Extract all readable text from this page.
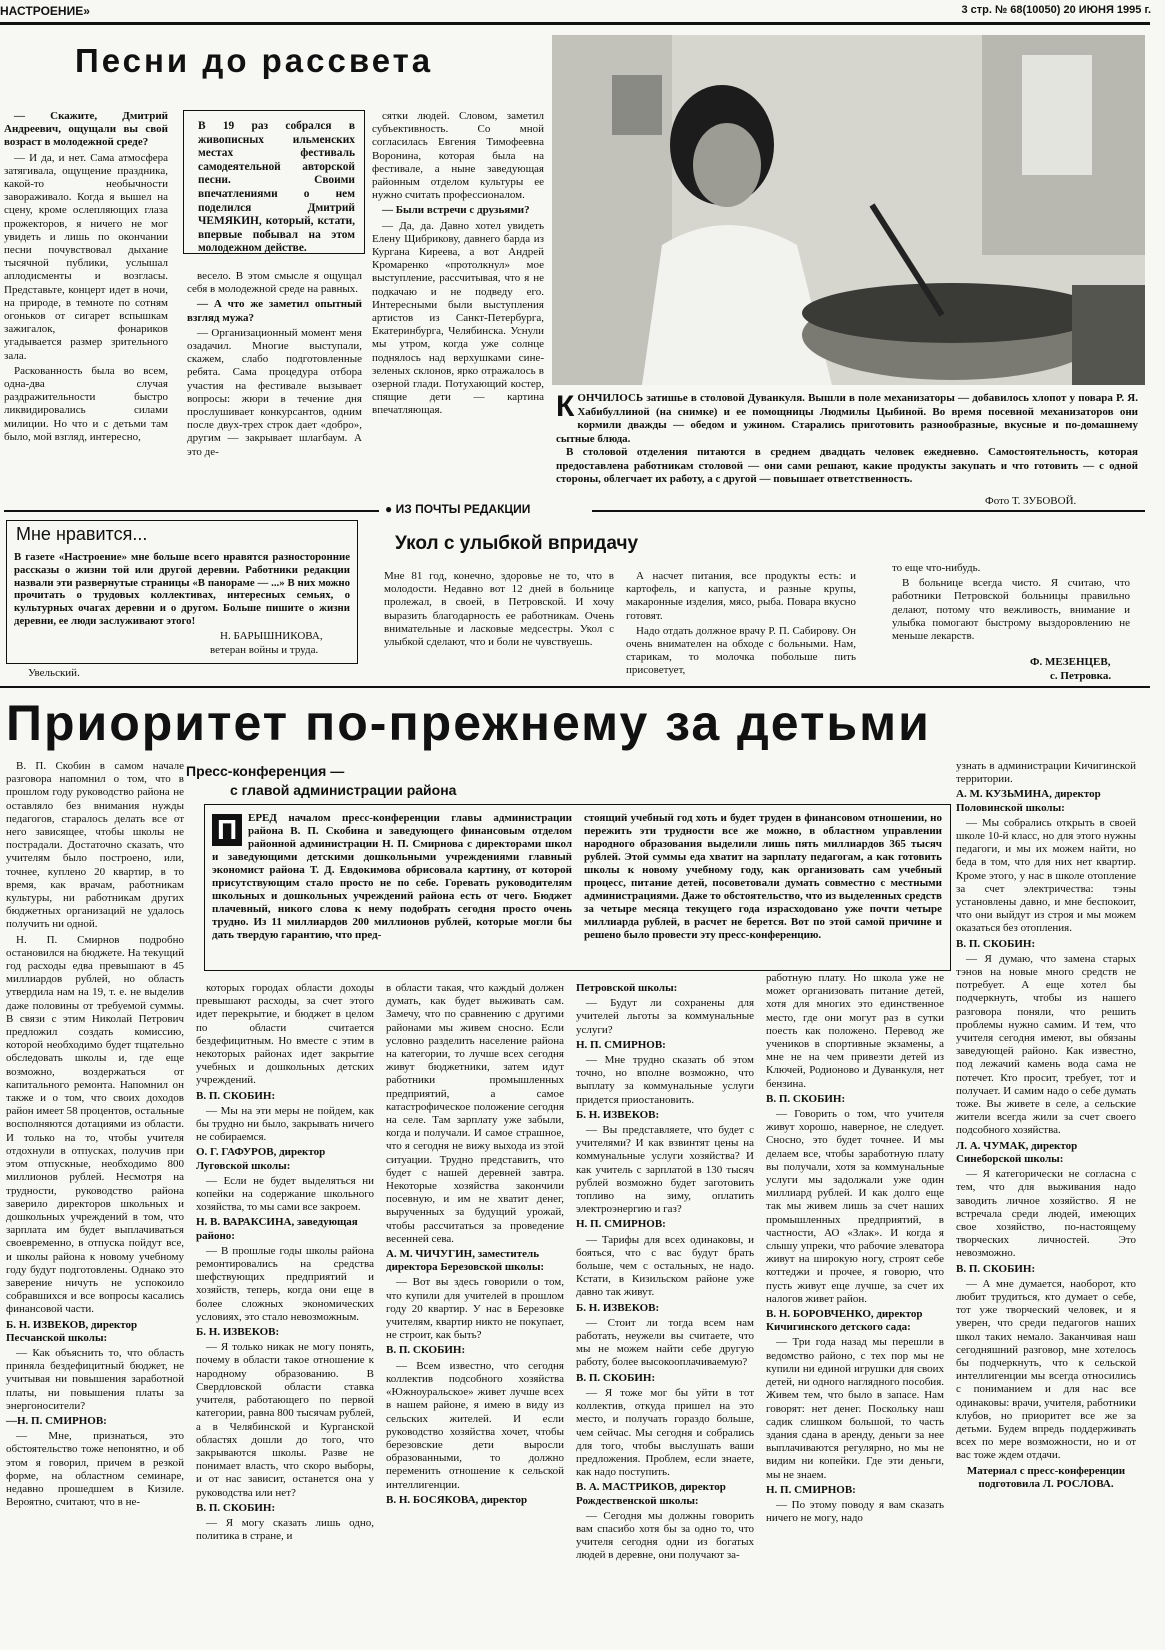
НАСТРОЕНИЕ»	3 стр. № 68(10050) 20 ИЮНЯ 1995 г.
Песни до рассвета

— Скажите, Дмитрий Андреевич, ощущали вы свой возраст в молодежной среде?

— И да, и нет. Сама атмосфера затягивала, ощущение праздника, какой-то необычности завораживало. Когда я вышел на сцену, кроме ослепляющих глаза прожекторов, я ничего не мог увидеть и лишь по окончании песни почувствовал дыхание тысячной публики, услышал аплодисменты и возгласы. Представьте, концерт идет в ночи, на природе, в темноте по сотням огоньков от сигарет вспышкам зажигалок, фонариков угадывается размер зрительного зала.

Раскованность была во всем, одна-два случая раздражительности быстро ликвидировались силами милиции. Но что и с детьми там было, мой взгляд, интересно,

В 19 раз собрался в живописных ильменских местах фестиваль самодеятельной авторской песни. Своими впечатлениями о нем поделился Дмитрий ЧЕМЯКИН, который, кстати, впервые побывал на этом молодежном действе.

весело. В этом смысле я ощущал себя в молодежной среде на равных.

— А что же заметил опытный взгляд мужа?

— Организационный момент меня озадачил. Многие выступали, скажем, слабо подготовленные ребята. Сама процедура отбора участия на фестивале вызывает вопросы: жюри в течение дня прослушивает конкурсантов, одним после двух-трех строк дает «добро», другим — закрывает шлагбаум. А это де-

сятки людей. Словом, заметил субъективность. Со мной согласилась Евгения Тимофеевна Воронина, которая была на фестивале, а ныне заведующая районным отделом культуры ее нужно считать профессионалом.

— Были встречи с друзьями?

— Да, да. Давно хотел увидеть Елену Щибрикову, давнего барда из Кургана Киреева, а вот Андрей Кромаренко «протолкнул» мое выступление, рассчитывая, что я не подкачаю и не подведу его. Интересными были выступления артистов из Санкт-Петербурга, Екатеринбурга, Челябинска. Уснули мы утром, когда уже солнце поднялось над верхушками сине-зеленых склонов, ярко отражалось в озерной глади. Потухающий костер, спящие дети — картина впечатляющая.	КОНЧИЛОСЬ затишье в столовой Дуванкуля. Вышли в поле механизаторы — добавилось хлопот у повара Р. Я. Хабибуллиной (на снимке) и ее помощницы Людмилы Цыбиной. Во время посевной механизаторов они кормили дважды — обедом и ужином. Старались приготовить разнообразные, вкусные и по-домашнему сытные блюда.
В столовой отделения питаются в среднем двадцать человек ежедневно. Самостоятельность, которая предоставлена работникам столовой — они сами решают, какие продукты закупать и что готовить — с одной стороны, облегчает их работу, а с другой — повышает ответственность.
Фото Т. ЗУБОВОЙ.
● ИЗ ПОЧТЫ РЕДАКЦИИ
Мне нравится...
В газете «Настроение» мне больше всего нравятся разносторонние рассказы о жизни той или другой деревни. Работники редакции назвали эти развернутые страницы «В панораме — ...» В них можно прочитать о трудовых коллективах, интересных семьях, о культурных очагах деревни и о другом. Больше пишите о жизни деревни, ее люди заслуживают этого!
Н. БАРЫШНИКОВА,
ветеран войны и труда.
Увельский.
Укол с улыбкой впридачу
Мне 81 год, конечно, здоровье не то, что в молодости. Недавно вот 12 дней в больнице пролежал, в своей, в Петровской. И хочу выразить благодарность ее работникам. Очень внимательные и ласковые медсестры. Укол с улыбкой сделают, что и боли не чувствуешь.

А насчет питания, все продукты есть: и картофель, и капуста, и разные крупы, макаронные изделия, мясо, рыба. Повара вкусно готовят.

Надо отдать должное врачу Р. П. Сабирову. Он очень внимателен на обходе с больными. Нам, старикам, то молочка побольше пить присоветует,

то еще что-нибудь.

В больнице всегда чисто. Я считаю, что работники Петровской больницы правильно делают, потому что вежливость, внимание и улыбка помогают быстрому выздоровлению не меньше лекарств.

Ф. МЕЗЕНЦЕВ,
с. Петровка.
Приоритет по-прежнему за детьми

В. П. Скобин в самом начале разговора напомнил о том, что в прошлом году руководство района не оставляло без внимания нужды педагогов, старалось делать все от него зависящее, чтобы школы не пострадали. Достаточно сказать, что учителям было построено, или, точнее, куплено 20 квартир, в то время, как врачам, работникам культуры, ни работникам других бюджетных организаций не удалось получить ни одной.

Н. П. Смирнов подробно остановился на бюджете. На текущий год расходы едва превышают в 45 миллиардов рублей, но область утвердила нам на 19, т. е. не выделив даже половины от требуемой суммы. В связи с этим Николай Петрович предложил создать комиссию, которой необходимо будет тщательно обследовать школы и, где еще возможно, воздержаться от капитального ремонта. Напомнил он также и о том, что своих доходов район имеет 58 процентов, остальные восполняются дотациями из области. И только на то, чтобы учителя отдохнули в отпусках, получив при этом отпускные, необходимо 800 миллионов рублей. Несмотря на трудности, руководство района заверило директоров школьных и дошкольных учреждений в том, что зарплата им будет выплачиваться своевременно, в отпуска пойдут все, и школы района к новому учебному году будут подготовлены. Однако это заверение ничуть не успокоило собравшихся и все вопросы касались финансовой части.

Б. Н. ИЗВЕКОВ, директор Песчанской школы:

— Как объяснить то, что область приняла бездефицитный бюджет, не учитывая ни повышения заработной платы, ни повышения платы за энергоносители?

—Н. П. СМИРНОВ:

— Мне, признаться, это обстоятельство тоже непонятно, и об этом я говорил, причем в резкой форме, на областном семинаре, недавно прошедшем в Кизиле. Вероятно, считают, что в не-

Пресс-конференция —
с главой администрации района
П ЕРЕД началом пресс-конференции главы администрации района В. П. Скобина и заведующего финансовым отделом районной администрации Н. П. Смирнова с директорами школ и заведующими детскими дошкольными учреждениями главный экономист района Т. Д. Евдокимова обрисовала картину, от которой присутствующим стало просто не по себе. Горевать руководителям школьных и дошкольных учреждений района есть от чего. Бюджет плачевный, никого слова к нему подобрать сегодня просто очень трудно. Из 11 миллиардов 200 миллионов рублей, которые могли бы дать твердую гарантию, что пред-
стоящий учебный год хоть и будет труден в финансовом отношении, но пережить эти трудности все же можно, в областном управлении народного образования выделили лишь пять миллиардов 365 тысяч рублей. Этой суммы еда хватит на зарплату педагогам, а как готовить школы к новому учебному году, как организовать сам учебный процесс, питание детей, посоветовали думать совместно с местными администрациями. Даже то обстоятельство, что из выделенных средств за четыре месяца текущего года израсходовано уже почти четыре миллиарда рублей, в расчет не берется. Вот по этой самой причине и решено было провести эту пресс-конференцию.

которых городах области доходы превышают расходы, за счет этого идет перекрытие, и бюджет в целом по области считается бездефицитным. Но вместе с этим в некоторых районах идет закрытие учебных и дошкольных детских учреждений.

В. П. СКОБИН:

— Мы на эти меры не пойдем, как бы трудно ни было, закрывать ничего не собираемся.

О. Г. ГАФУРОВ, директор Луговской школы:

— Если не будет выделяться ни копейки на содержание школьного хозяйства, то мы сами все закроем.

Н. В. ВАРАКСИНА, заведующая районо:

— В прошлые годы школы района ремонтировались на средства шефствующих предприятий и хозяйств, теперь, когда они еще в более сложных экономических условиях, это стало невозможным.

Б. Н. ИЗВЕКОВ:

— Я только никак не могу понять, почему в области такое отношение к народному образованию. В Свердловской области ставка учителя, работающего по первой категории, равна 800 тысячам рублей, а в Челябинской и Курганской областях дошли до того, что закрываются школы. Разве не понимает власть, что скоро выборы, и от нас зависит, останется она у руководства или нет?

В. П. СКОБИН:

— Я могу сказать лишь одно, политика в стране, и

в области такая, что каждый должен думать, как будет выживать сам. Замечу, что по сравнению с другими районами мы живем сносно. Если условно разделить население района на категории, то лучше всех сегодня живут бюджетники, затем идут работники промышленных предприятий, а самое катастрофическое положение сегодня на селе. Там зарплату уже забыли, когда и получали. И самое страшное, что я сегодня не вижу выхода из этой ситуации. Трудно представить, что будет с нашей деревней завтра. Некоторые хозяйства закончили посевную, и им не хватит денег, вырученных за будущий урожай, чтобы рассчитаться за проведение весенней сева.

А. М. ЧИЧУГИН, заместитель директора Березовской школы:

— Вот вы здесь говорили о том, что купили для учителей в прошлом году 20 квартир. У нас в Березовке учителям, квартир никто не покупает, не строит, как быть?

В. П. СКОБИН:

— Всем известно, что сегодня коллектив подсобного хозяйства «Южноуральское» живет лучше всех в нашем районе, я имею в виду из сельских жителей. И если руководство хозяйства хочет, чтобы березовские дети выросли образованными, то должно переменить отношение к сельской интеллигенции.

В. Н. БОСЯКОВА, директор

Петровской школы:

— Будут ли сохранены для учителей льготы за коммунальные услуги?

Н. П. СМИРНОВ:

— Мне трудно сказать об этом точно, но вполне возможно, что выплату за коммунальные услуги придется приостановить.

Б. Н. ИЗВЕКОВ:

— Вы представляете, что будет с учителями? И как взвинтят цены на коммунальные услуги хозяйства? И как учитель с зарплатой в 130 тысяч рублей возможно будет заготовить топливо на зиму, оплатить электроэнергию и газ?

Н. П. СМИРНОВ:

— Тарифы для всех одинаковы, и бояться, что с вас будут брать больше, чем с остальных, не надо. Кстати, в Кизильском районе уже давно так живут.

Б. Н. ИЗВЕКОВ:

— Стоит ли тогда всем нам работать, неужели вы считаете, что мы не можем найти себе другую работу, более высокооплачиваемую?

В. П. СКОБИН:

— Я тоже мог бы уйти в тот коллектив, откуда пришел на это место, и получать гораздо больше, чем сейчас. Мы сегодня и собрались для того, чтобы выслушать ваши предложения. Проблем, если знаете, как надо поступить.

В. А. МАСТРИКОВ, директор Рождественской школы:

— Сегодня мы должны говорить вам спасибо хотя бы за одно то, что учителя сегодня одни из богатых людей в деревне, они получают за-

работную плату. Но школа уже не может организовать питание детей, хотя для многих это единственное место, где они могут раз в сутки поесть как положено. Перевод же учеников в спортивные экзамены, а мне не на чем привезти детей из Ключей, Родионово и Дуванкуля, нет бензина.

В. П. СКОБИН:

— Говорить о том, что учителя живут хорошо, наверное, не следует. Сносно, это будет точнее. И мы делаем все, чтобы заработную плату вы получали, хотя за коммунальные услуги мы задолжали уже один миллиард рублей. И как долго еще так мы живем лишь за счет наших промышленных предприятий, в частности, АО «Злак». И когда я слышу упреки, что рабочие элеватора живут на широкую ногу, строят себе коттеджи и прочее, я говорю, что пусть живут еще лучше, за счет их налогов живет район.

В. Н. БОРОВЧЕНКО, директор Кичигинского детского сада:

— Три года назад мы перешли в ведомство районо, с тех пор мы не купили ни единой игрушки для своих детей, ни одного наглядного пособия. Живем тем, что было в запасе. Нам говорят: нет денег. Поскольку наш садик слишком большой, то часть здания сдана в аренду, деньги за нее выплачиваются регулярно, но мы не видим ни копейки. Где эти деньги, мы не знаем.

Н. П. СМИРНОВ:

— По этому поводу я вам сказать ничего не могу, надо

узнать в администрации Кичигинской территории.

А. М. КУЗЬМИНА, директор Половинской школы:

— Мы собрались открыть в своей школе 10-й класс, но для этого нужны педагоги, и мы их можем найти, но беда в том, что для них нет квартир. Кроме этого, у нас в школе отопление за счет электричества: тэны установлены давно, и мне беспокоит, что они выйдут из строя и мы можем оказаться без отопления.

В. П. СКОБИН:

— Я думаю, что замена старых тэнов на новые много средств не потребует. А еще хотел бы подчеркнуть, чтобы из нашего разговора поняли, что решить проблемы нужно самим. И тем, что учителя сегодня имеют, вы обязаны заведующей районо. Как известно, под лежачий камень вода сама не потечет. Кто просит, требует, тот и получает. И самим надо о себе думать тоже. Вы живете в селе, а сельские жители всегда жили за счет своего подсобного хозяйства.

Л. А. ЧУМАК, директор Синеборской школы:

— Я категорически не согласна с тем, что для выживания надо заводить личное хозяйство. Я не встречала среди людей, имеющих свое хозяйство, по-настоящему творческих личностей. Это невозможно.

В. П. СКОБИН:

— А мне думается, наоборот, кто любит трудиться, кто думает о себе, тот уже творческий человек, и я уверен, что среди педагогов наших школ таких немало. Заканчивая наш сегодняшний разговор, мне хотелось бы подчеркнуть, что к сельской интеллигенции мы всегда относились с пониманием и для нас все одинаковы: врачи, учителя, работники клубов, но приоритет все же за детьми. Будем впредь поддерживать всех по мере возможности, но и от вас тоже ждем отдачи.

Материал с пресс-конференции подготовила Л. РОСЛОВА.
